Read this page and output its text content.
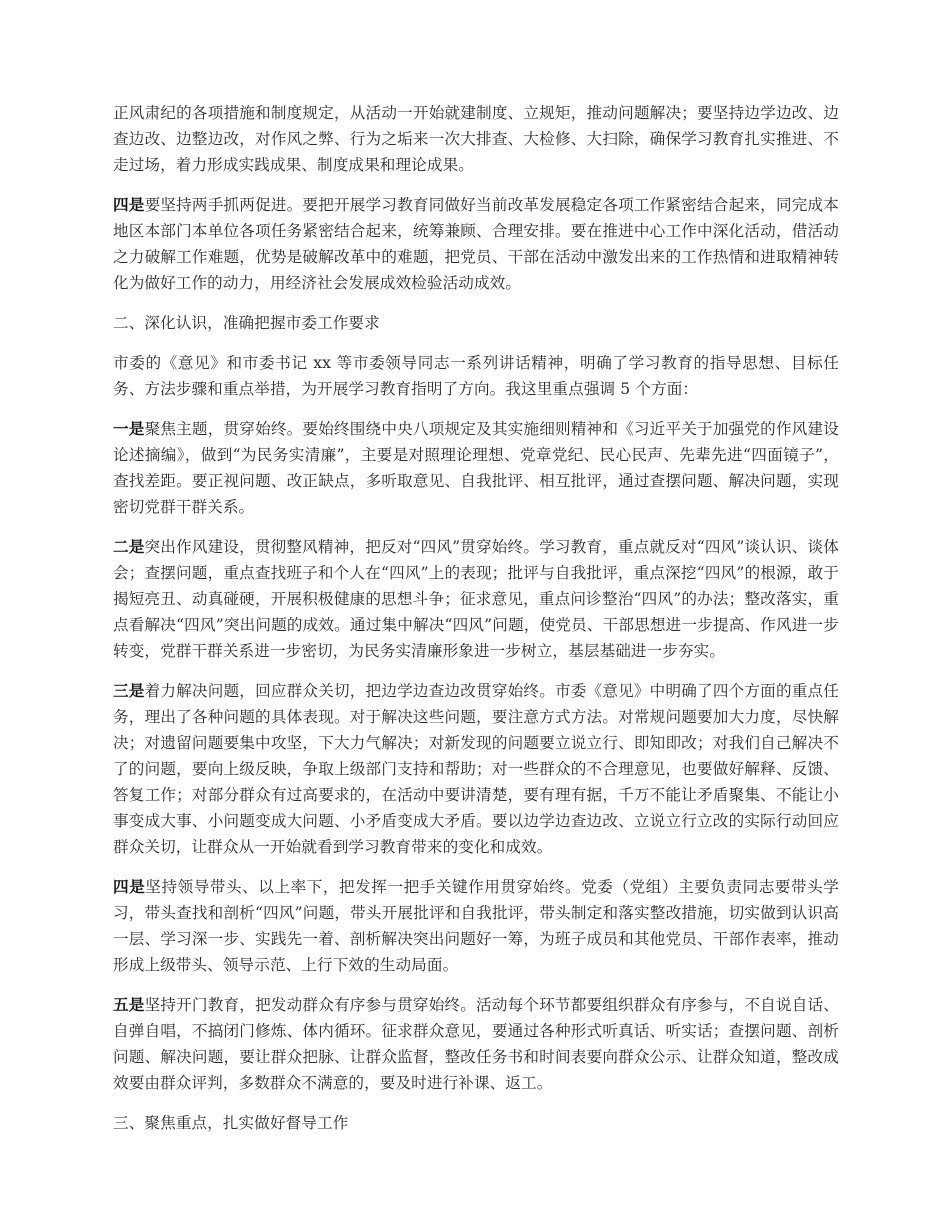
正风肃纪的各项措施和制度规定，从活动一开始就建制度、立规矩，推动问题解决；要坚持边学边改、边查边改、边整边改，对作风之弊、行为之垢来一次大排查、大检修、大扫除，确保学习教育扎实推进、不走过场，着力形成实践成果、制度成果和理论成果。

四是要坚持两手抓两促进。要把开展学习教育同做好当前改革发展稳定各项工作紧密结合起来，同完成本地区本部门本单位各项任务紧密结合起来，统筹兼顾、合理安排。要在推进中心工作中深化活动，借活动之力破解工作难题，优势是破解改革中的难题，把党员、干部在活动中激发出来的工作热情和进取精神转化为做好工作的动力，用经济社会发展成效检验活动成效。

二、深化认识，准确把握市委工作要求

市委的《意见》和市委书记 xx 等市委领导同志一系列讲话精神，明确了学习教育的指导思想、目标任务、方法步骤和重点举措，为开展学习教育指明了方向。我这里重点强调 5 个方面：

一是聚焦主题，贯穿始终。要始终围绕中央八项规定及其实施细则精神和《习近平关于加强党的作风建设论述摘编》，做到“为民务实清廉”，主要是对照理论理想、党章党纪、民心民声、先辈先进“四面镜子”，查找差距。要正视问题、改正缺点，多听取意见、自我批评、相互批评，通过查摆问题、解决问题，实现密切党群干群关系。

二是突出作风建设，贯彻整风精神，把反对“四风”贯穿始终。学习教育，重点就反对“四风”谈认识、谈体会；查摆问题，重点查找班子和个人在“四风”上的表现；批评与自我批评，重点深挖“四风”的根源，敢于揭短亮丑、动真碰硬，开展积极健康的思想斗争；征求意见，重点问诊整治“四风”的办法；整改落实，重点看解决“四风”突出问题的成效。通过集中解决“四风”问题，使党员、干部思想进一步提高、作风进一步转变，党群干群关系进一步密切，为民务实清廉形象进一步树立，基层基础进一步夯实。

三是着力解决问题，回应群众关切，把边学边查边改贯穿始终。市委《意见》中明确了四个方面的重点任务，理出了各种问题的具体表现。对于解决这些问题，要注意方式方法。对常规问题要加大力度，尽快解决；对遗留问题要集中攻坚，下大力气解决；对新发现的问题要立说立行、即知即改；对我们自己解决不了的问题，要向上级反映，争取上级部门支持和帮助；对一些群众的不合理意见，也要做好解释、反馈、答复工作；对部分群众有过高要求的，在活动中要讲清楚，要有理有据，千万不能让矛盾聚集、不能让小事变成大事、小问题变成大问题、小矛盾变成大矛盾。要以边学边查边改、立说立行立改的实际行动回应群众关切，让群众从一开始就看到学习教育带来的变化和成效。

四是坚持领导带头、以上率下，把发挥一把手关键作用贯穿始终。党委（党组）主要负责同志要带头学习，带头查找和剖析“四风”问题，带头开展批评和自我批评，带头制定和落实整改措施，切实做到认识高一层、学习深一步、实践先一着、剖析解决突出问题好一筹，为班子成员和其他党员、干部作表率，推动形成上级带头、领导示范、上行下效的生动局面。

五是坚持开门教育，把发动群众有序参与贯穿始终。活动每个环节都要组织群众有序参与，不自说自话、自弹自唱，不搞闭门修炼、体内循环。征求群众意见，要通过各种形式听真话、听实话；查摆问题、剖析问题、解决问题，要让群众把脉、让群众监督，整改任务书和时间表要向群众公示、让群众知道，整改成效要由群众评判，多数群众不满意的，要及时进行补课、返工。

三、聚焦重点，扎实做好督导工作
